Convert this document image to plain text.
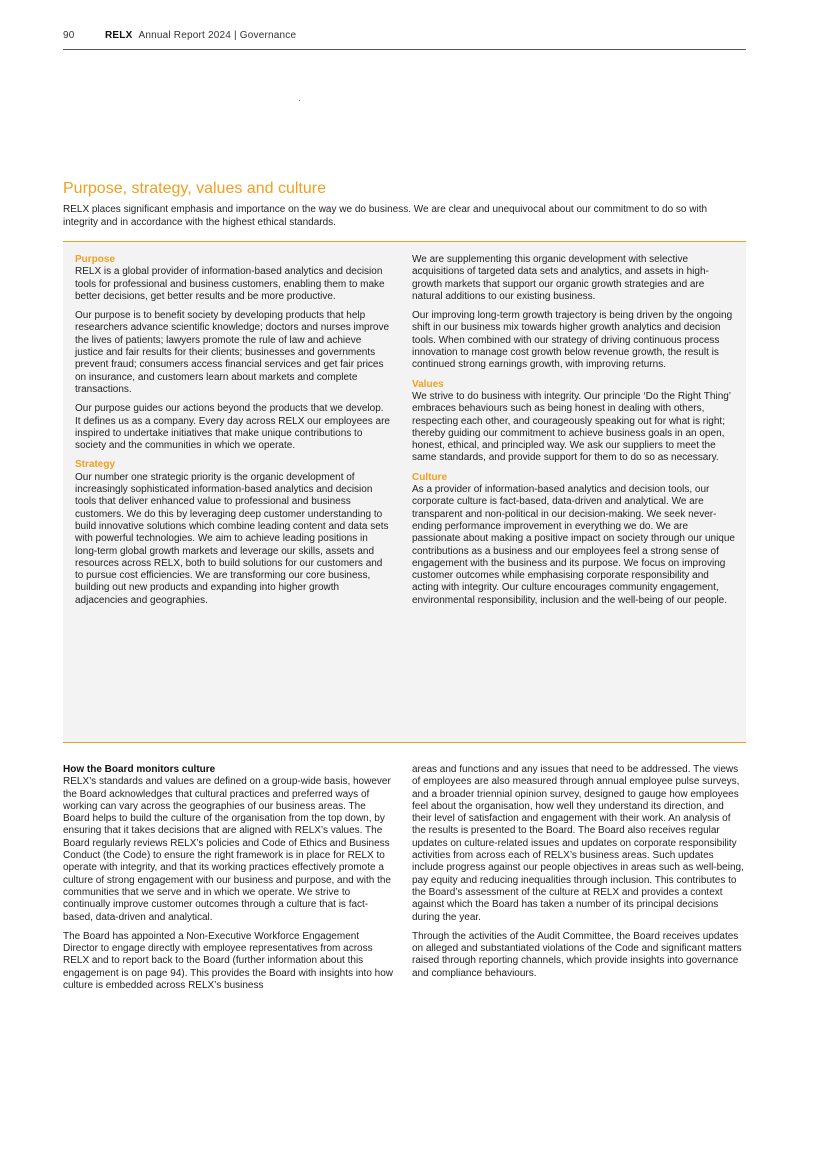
90	RELX Annual Report 2024 | Governance
Purpose, strategy, values and culture
RELX places significant emphasis and importance on the way we do business. We are clear and unequivocal about our commitment to do so with integrity and in accordance with the highest ethical standards.
Purpose

RELX is a global provider of information-based analytics and decision tools for professional and business customers, enabling them to make better decisions, get better results and be more productive.

Our purpose is to benefit society by developing products that help researchers advance scientific knowledge; doctors and nurses improve the lives of patients; lawyers promote the rule of law and achieve justice and fair results for their clients; businesses and governments prevent fraud; consumers access financial services and get fair prices on insurance, and customers learn about markets and complete transactions.

Our purpose guides our actions beyond the products that we develop. It defines us as a company. Every day across RELX our employees are inspired to undertake initiatives that make unique contributions to society and the communities in which we operate.

Strategy

Our number one strategic priority is the organic development of increasingly sophisticated information-based analytics and decision tools that deliver enhanced value to professional and business customers. We do this by leveraging deep customer understanding to build innovative solutions which combine leading content and data sets with powerful technologies. We aim to achieve leading positions in long-term global growth markets and leverage our skills, assets and resources across RELX, both to build solutions for our customers and to pursue cost efficiencies. We are transforming our core business, building out new products and expanding into higher growth adjacencies and geographies.

We are supplementing this organic development with selective acquisitions of targeted data sets and analytics, and assets in high-growth markets that support our organic growth strategies and are natural additions to our existing business.

Our improving long-term growth trajectory is being driven by the ongoing shift in our business mix towards higher growth analytics and decision tools. When combined with our strategy of driving continuous process innovation to manage cost growth below revenue growth, the result is continued strong earnings growth, with improving returns.

Values

We strive to do business with integrity. Our principle ‘Do the Right Thing’ embraces behaviours such as being honest in dealing with others, respecting each other, and courageously speaking out for what is right; thereby guiding our commitment to achieve business goals in an open, honest, ethical, and principled way. We ask our suppliers to meet the same standards, and provide support for them to do so as necessary.

Culture

As a provider of information-based analytics and decision tools, our corporate culture is fact-based, data-driven and analytical. We are transparent and non-political in our decision-making. We seek never-ending performance improvement in everything we do. We are passionate about making a positive impact on society through our unique contributions as a business and our employees feel a strong sense of engagement with the business and its purpose. We focus on improving customer outcomes while emphasising corporate responsibility and acting with integrity. Our culture encourages community engagement, environmental responsibility, inclusion and the well-being of our people.

How the Board monitors culture

RELX’s standards and values are defined on a group-wide basis, however the Board acknowledges that cultural practices and preferred ways of working can vary across the geographies of our business areas. The Board helps to build the culture of the organisation from the top down, by ensuring that it takes decisions that are aligned with RELX’s values. The Board regularly reviews RELX’s policies and Code of Ethics and Business Conduct (the Code) to ensure the right framework is in place for RELX to operate with integrity, and that its working practices effectively promote a culture of strong engagement with our business and purpose, and with the communities that we serve and in which we operate. We strive to continually improve customer outcomes through a culture that is fact-based, data-driven and analytical.

The Board has appointed a Non-Executive Workforce Engagement Director to engage directly with employee representatives from across RELX and to report back to the Board (further information about this engagement is on page 94). This provides the Board with insights into how culture is embedded across RELX’s business

areas and functions and any issues that need to be addressed. The views of employees are also measured through annual employee pulse surveys, and a broader triennial opinion survey, designed to gauge how employees feel about the organisation, how well they understand its direction, and their level of satisfaction and engagement with their work. An analysis of the results is presented to the Board. The Board also receives regular updates on culture-related issues and updates on corporate responsibility activities from across each of RELX’s business areas. Such updates include progress against our people objectives in areas such as well-being, pay equity and reducing inequalities through inclusion. This contributes to the Board’s assessment of the culture at RELX and provides a context against which the Board has taken a number of its principal decisions during the year.

Through the activities of the Audit Committee, the Board receives updates on alleged and substantiated violations of the Code and significant matters raised through reporting channels, which provide insights into governance and compliance behaviours.
